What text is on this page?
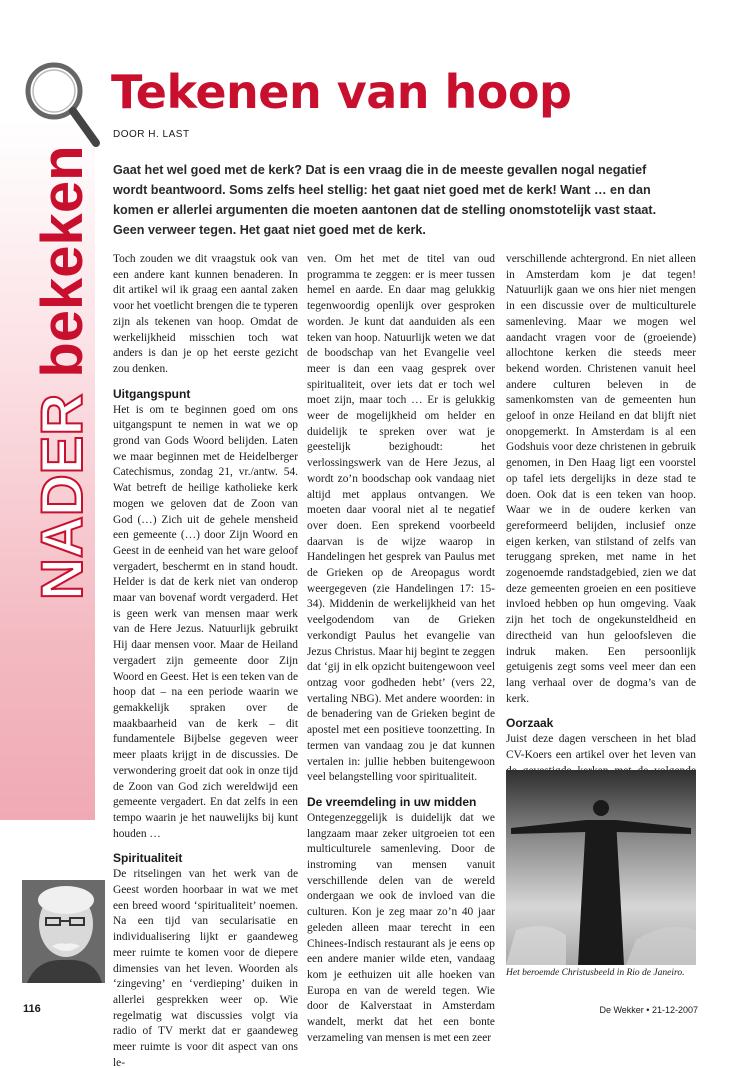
NADER bekeken
Tekenen van hoop
DOOR H. LAST

Gaat het wel goed met de kerk? Dat is een vraag die in de meeste gevallen nogal negatief wordt beantwoord. Soms zelfs heel stellig: het gaat niet goed met de kerk! Want … en dan komen er allerlei argumenten die moeten aantonen dat de stelling onomstotelijk vast staat. Geen verweer tegen. Het gaat niet goed met de kerk.

Toch zouden we dit vraagstuk ook van een andere kant kunnen benaderen. In dit artikel wil ik graag een aantal zaken voor het voetlicht brengen die te typeren zijn als tekenen van hoop. Omdat de werkelijkheid misschien toch wat anders is dan je op het eerste gezicht zou denken.

Uitgangspunt

Het is om te beginnen goed om ons uitgangspunt te nemen in wat we op grond van Gods Woord belijden. Laten we maar beginnen met de Heidelberger Catechismus, zondag 21, vr./antw. 54. Wat betreft de heilige katholieke kerk mogen we geloven dat de Zoon van God (…) Zich uit de gehele mensheid een gemeente (…) door Zijn Woord en Geest in de eenheid van het ware geloof vergadert, beschermt en in stand houdt. Helder is dat de kerk niet van onderop maar van bovenaf wordt vergaderd. Het is geen werk van mensen maar werk van de Here Jezus. Natuurlijk gebruikt Hij daar mensen voor. Maar de Heiland vergadert zijn gemeente door Zijn Woord en Geest. Het is een teken van de hoop dat – na een periode waarin we gemakkelijk spraken over de maakbaarheid van de kerk – dit fundamentele Bijbelse gegeven weer meer plaats krijgt in de discussies. De verwondering groeit dat ook in onze tijd de Zoon van God zich wereldwijd een gemeente vergadert. En dat zelfs in een tempo waarin je het nauwelijks bij kunt houden …

Spiritualiteit

De ritselingen van het werk van de Geest worden hoorbaar in wat we met een breed woord ‘spiritualiteit’ noemen. Na een tijd van secularisatie en individualisering lijkt er gaandeweg meer ruimte te komen voor de diepere dimensies van het leven. Woorden als ‘zingeving’ en ‘verdieping’ duiken in allerlei gesprekken weer op. Wie regelmatig wat discussies volgt via radio of TV merkt dat er gaandeweg meer ruimte is voor dit aspect van ons le-

ven. Om het met de titel van oud programma te zeggen: er is meer tussen hemel en aarde. En daar mag gelukkig tegenwoordig openlijk over gesproken worden. Je kunt dat aanduiden als een teken van hoop. Natuurlijk weten we dat de boodschap van het Evangelie veel meer is dan een vaag gesprek over spiritualiteit, over iets dat er toch wel moet zijn, maar toch … Er is gelukkig weer de mogelijkheid om helder en duidelijk te spreken over wat je geestelijk bezighoudt: het verlossingswerk van de Here Jezus, al wordt zo’n boodschap ook vandaag niet altijd met applaus ontvangen. We moeten daar vooral niet al te negatief over doen. Een sprekend voorbeeld daarvan is de wijze waarop in Handelingen het gesprek van Paulus met de Grieken op de Areopagus wordt weergegeven (zie Handelingen 17: 15-34). Middenin de werkelijkheid van het veelgodendom van de Grieken verkondigt Paulus het evangelie van Jezus Christus. Maar hij begint te zeggen dat ‘gij in elk opzicht buitengewoon veel ontzag voor godheden hebt’ (vers 22, vertaling NBG). Met andere woorden: in de benadering van de Grieken begint de apostel met een positieve toonzetting. In termen van vandaag zou je dat kunnen vertalen in: jullie hebben buitengewoon veel belangstelling voor spiritualiteit.

De vreemdeling in uw midden

Ontegenzeggelijk is duidelijk dat we langzaam maar zeker uitgroeien tot een multiculturele samenleving. Door de instroming van mensen vanuit verschillende delen van de wereld ondergaan we ook de invloed van die culturen. Kon je zeg maar zo’n 40 jaar geleden alleen maar terecht in een Chinees-Indisch restaurant als je eens op een andere manier wilde eten, vandaag kom je eethuizen uit alle hoeken van Europa en van de wereld tegen. Wie door de Kalverstaat in Amsterdam wandelt, merkt dat het een bonte verzameling van mensen is met een zeer

verschillende achtergrond. En niet alleen in Amsterdam kom je dat tegen! Natuurlijk gaan we ons hier niet mengen in een discussie over de multiculturele samenleving. Maar we mogen wel aandacht vragen voor de (groeiende) allochtone kerken die steeds meer bekend worden. Christenen vanuit heel andere culturen beleven in de samenkomsten van de gemeenten hun geloof in onze Heiland en dat blijft niet onopgemerkt. In Amsterdam is al een Godshuis voor deze christenen in gebruik genomen, in Den Haag ligt een voorstel op tafel iets dergelijks in deze stad te doen. Ook dat is een teken van hoop. Waar we in de oudere kerken van gereformeerd belijden, inclusief onze eigen kerken, van stilstand of zelfs van teruggang spreken, met name in het zogenoemde randstadgebied, zien we dat deze gemeenten groeien en een positieve invloed hebben op hun omgeving. Vaak zijn het toch de ongekunsteldheid en directheid van hun geloofsleven die indruk maken. Een persoonlijk getuigenis zegt soms veel meer dan een lang verhaal over de dogma’s van de kerk.

Oorzaak

Juist deze dagen verscheen in het blad CV-Koers een artikel over het leven van

Het beroemde Christusbeeld in Rio de Janeiro.
116	De Wekker • 21-12-2007
